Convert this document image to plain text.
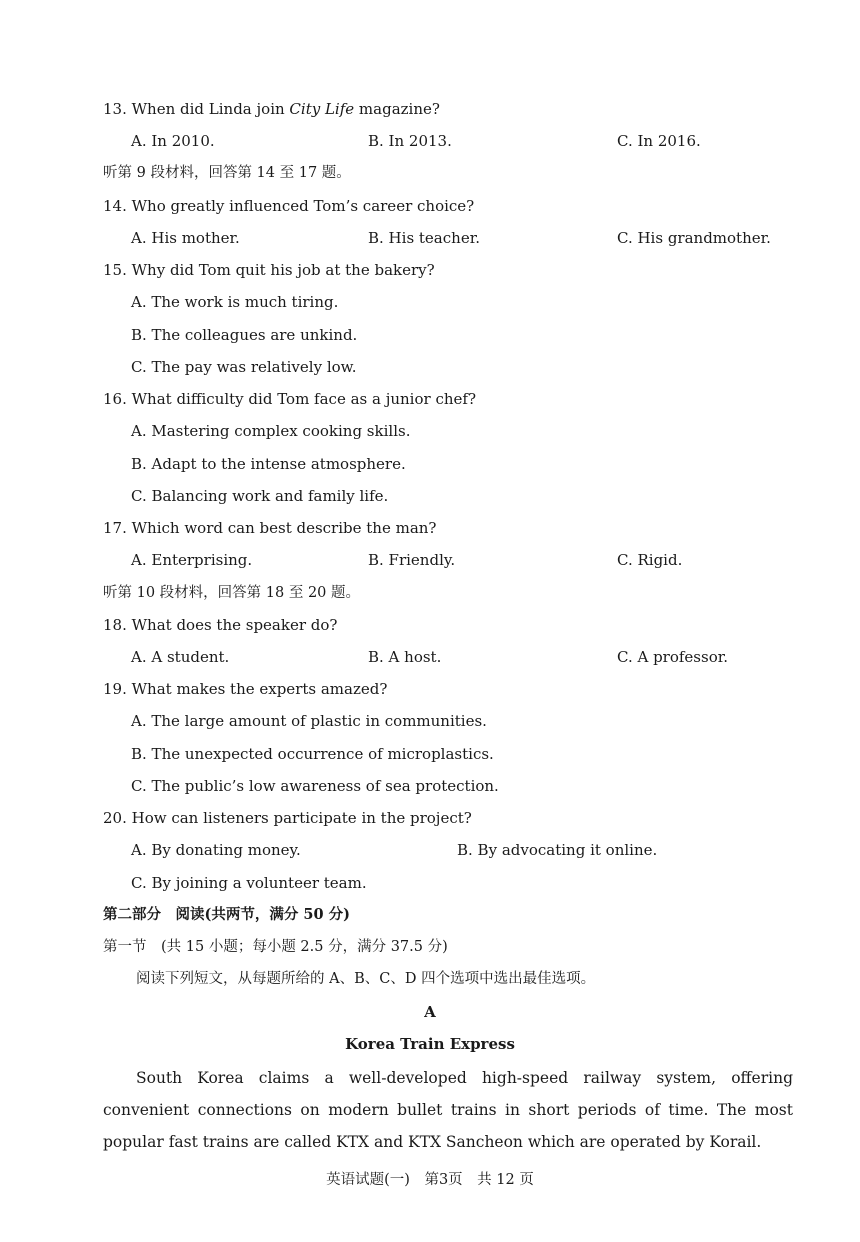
13. When did Linda join City Life magazine?
A. In 2010.	B. In 2013.	C. In 2016.
听第 9 段材料，回答第 14 至 17 题。
14. Who greatly influenced Tom’s career choice?
A. His mother.	B. His teacher.	C. His grandmother.
15. Why did Tom quit his job at the bakery?
A. The work is much tiring.
B. The colleagues are unkind.
C. The pay was relatively low.
16. What difficulty did Tom face as a junior chef?
A. Mastering complex cooking skills.
B. Adapt to the intense atmosphere.
C. Balancing work and family life.
17. Which word can best describe the man?
A. Enterprising.	B. Friendly.	C. Rigid.
听第 10 段材料，回答第 18 至 20 题。
18. What does the speaker do?
A. A student.	B. A host.	C. A professor.
19. What makes the experts amazed?
A. The large amount of plastic in communities.
B. The unexpected occurrence of microplastics.
C. The public’s low awareness of sea protection.
20. How can listeners participate in the project?
A. By donating money.	B. By advocating it online.
C. By joining a volunteer team.
第二部分　阅读(共两节，满分 50 分)
第一节　(共 15 小题；每小题 2.5 分，满分 37.5 分)
阅读下列短文，从每题所给的 A、B、C、D 四个选项中选出最佳选项。
A
Korea Train Express
South Korea claims a well-developed high-speed railway system, offering convenient connections on modern bullet trains in short periods of time. The most popular fast trains are called KTX and KTX Sancheon which are operated by Korail.
英语试题(一)　第3页　共 12 页
